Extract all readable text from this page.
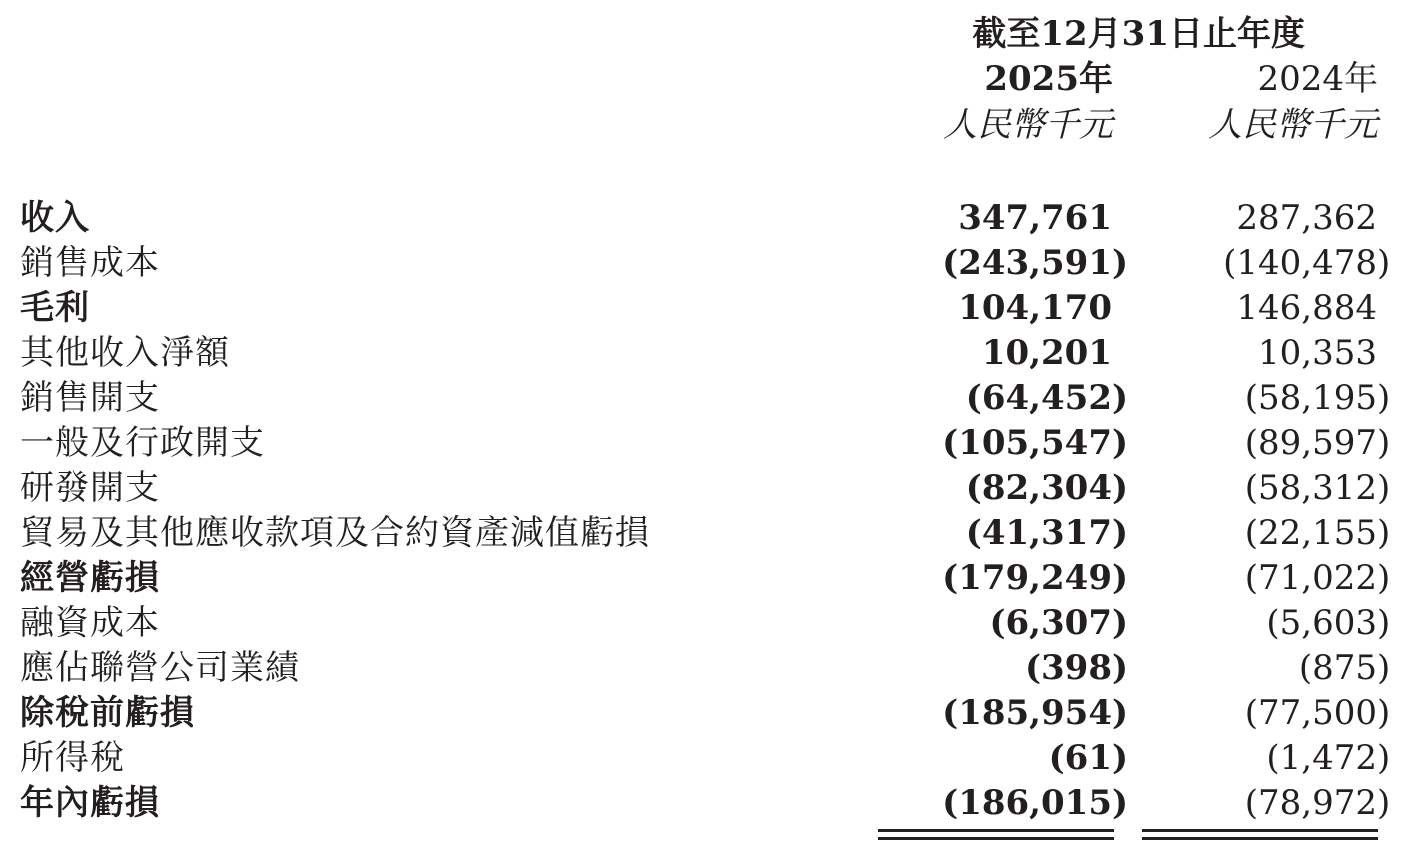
截至12月31日止年度
2025年	2024年
人民幣千元	人民幣千元
收入	347,761	287,362
銷售成本	(243,591)	(140,478)
毛利	104,170	146,884
其他收入淨額	10,201	10,353
銷售開支	(64,452)	(58,195)
一般及行政開支	(105,547)	(89,597)
研發開支	(82,304)	(58,312)
貿易及其他應收款項及合約資產減值虧損	(41,317)	(22,155)
經營虧損	(179,249)	(71,022)
融資成本	(6,307)	(5,603)
應佔聯營公司業績	(398)	(875)
除稅前虧損	(185,954)	(77,500)
所得稅	(61)	(1,472)
年內虧損	(186,015)	(78,972)
